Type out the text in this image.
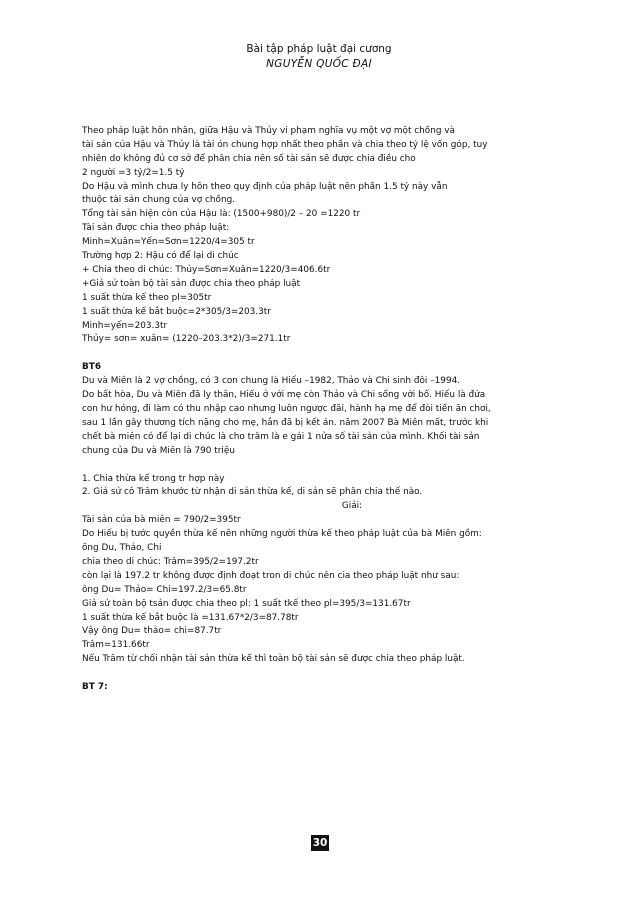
Bài tập pháp luật đại cương
NGUYỄN QUỐC ĐẠI
Theo pháp luật hôn nhân, giữa Hậu và Thủy vi phạm nghĩa vụ một vợ một chồng và
tài sản của Hậu và Thủy là tài ón chung hợp nhất theo phần và chia theo tỷ lệ vốn góp, tuy
nhiên do không đủ cơ sở để phân chia nên số tài sản sẽ được chia điều cho
2 người =3 tỷ/2=1.5 tỷ
Do Hậu và mình chưa ly hôn theo quy định của pháp luật nên phần 1.5 tỷ này vẫn
thuộc tài sản chung của vợ chồng.
Tổng tài sản hiện còn của Hậu là: (1500+980)/2 – 20 =1220 tr
Tài sản được chia theo pháp luật:
Minh=Xuân=Yến=Sơn=1220/4=305 tr
Trường hợp 2: Hậu có để lại di chúc
+ Chia theo di chúc: Thủy=Sơn=Xuân=1220/3=406.6tr
+Giả sử toàn bộ tài sản được chia theo pháp luật
1 suất thừa kế theo pl=305tr
1 suất thừa kế bắt buộc=2*305/3=203.3tr
Minh=yến=203.3tr
Thủy= sơn= xuân= (1220–203.3*2)/3=271.1tr
BT6
Du và Miên là 2 vợ chồng, có 3 con chung là Hiếu –1982, Thảo và Chi sinh đôi –1994.
Do bất hòa, Du và Miên đã ly thân, Hiếu ở với mẹ còn Thảo và Chi sống với bố. Hiếu là đứa
con hư hỏng, đi làm có thu nhập cao nhưng luôn ngược đãi, hành hạ mẹ để đòi tiền ăn chơi,
sau 1 lần gây thương tích nặng cho mẹ, hắn đã bị kết án. năm 2007 Bà Miên mất, trước khi
chết bà miên có để lại di chúc là cho trâm là e gái 1 nửa số tài sản của mình. Khối tài sản
chung của Du và Miên là 790 triệu
1. Chia thừa kế trong tr hợp này
2. Giả sử cô Trâm khước từ nhận di sản thừa kế, di sản sẽ phân chia thế nào.
Giải:
Tài sản của bà miên = 790/2=395tr
Do Hiếu bị tước quyền thừa kế nên những người thừa kế theo pháp luật của bà Miên gồm:
ông Du, Thảo, Chi
chia theo di chúc: Trâm=395/2=197.2tr
còn lại là 197.2 tr không được định đoạt tron di chúc nên cia theo pháp luật như sau:
ông Du= Thảo= Chi=197.2/3=65.8tr
Giả sử toàn bộ tsản được chia theo pl: 1 suất tkế theo pl=395/3=131.67tr
1 suất thừa kế bắt buộc là =131.67*2/3=87.78tr
Vậy ông Du= thảo= chi=87.7tr
Trâm=131.66tr
Nếu Trâm từ chối nhận tài sản thừa kế thì toàn bộ tài sản sẽ được chia theo pháp luật.
BT 7:
30
